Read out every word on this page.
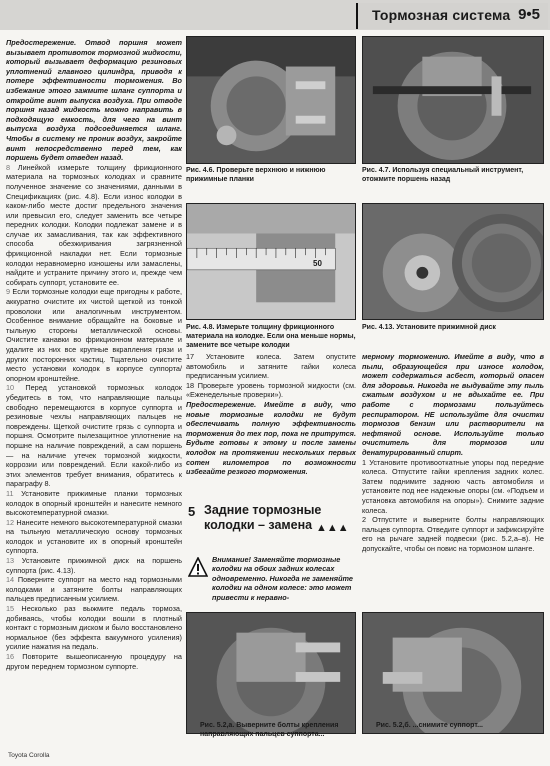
Тормозная система 9•5

Предостережение. Отвод поршня может вызывает противоток тормозной жидкости, который вызывает деформацию резиновых уплотнений главного цилиндра, приводя к потере эффективности торможения. Во избежание этого зажмите шланг суппорта и откройте винт выпуска воздуха. При отводе поршня назад жидкость можно направить в подходящую емкость, для чего на винт выпуска воздуха подсоединяется шланг. Чтобы в систему не проник воздух, закройте винт непосредственно перед тем, как поршень будет отведен назад.

8 Линейкой измерьте толщину фрикционного материала на тормозных колодках и сравните полученное значение со значениями, данными в Спецификациях (рис. 4.8). Если износ колодки в каком-либо месте достиг предельного значения или превысил его, следует заменить все четыре передних колодки. Колодки подлежат замене и в случае их замасливания, так как эффективного способа обезжиривания загрязненной фрикционной накладки нет. Если тормозные колодки неравномерно изношены или замаслены, найдите и устраните причину этого и, прежде чем собирать суппорт, установите ее.

9 Если тормозные колодки еще пригодны к работе, аккуратно очистите их чистой щеткой из тонкой проволоки или аналогичным инструментом. Особенное внимание обращайте на боковые и тыльную стороны металлической основы. Очистите канавки во фрикционном материале и удалите из них все крупные вкрапления грязи и других посторонних частиц. Тщательно очистите место установки колодок в корпусе суппорта/опорном кронштейне.

10 Перед установкой тормозных колодок убедитесь в том, что направляющие пальцы свободно перемещаются в корпусе суппорта и резиновые чехлы направляющих пальцев не повреждены. Щеткой очистите грязь с суппорта и поршня. Осмотрите пылезащитное уплотнение на поршне на наличие повреждений, а сам поршень — на наличие утечек тормозной жидкости, коррозии или повреждений. Если какой-либо из этих элементов требует внимания, обратитесь к параграфу 8.

11 Установите прижимные планки тормозных колодок в опорный кронштейн и нанесите немного высокотемпературной смазки.

12 Нанесите немного высокотемпературной смазки на тыльную металлическую основу тормозных колодок и установите их в опорный кронштейн суппорта.

13 Установите прижимной диск на поршень суппорта (рис. 4.13).

14 Поверните суппорт на место над тормозными колодками и затяните болты направляющих пальцев предписанным усилием.

15 Несколько раз выжмите педаль тормоза, добиваясь, чтобы колодки вошли в плотный контакт с тормозным диском и было восстановлено нормальное (без эффекта вакуумного усиления) усилие нажатия на педаль.

16 Повторите вышеописанную процедуру на другом переднем тормозном суппорте.

Рис. 4.6. Проверьте верхнюю и нижнюю прижимные планки
Рис. 4.7. Используя специальный инструмент, отожмите поршень назад
50
Рис. 4.8. Измерьте толщину фрикционного материала на колодке. Если она меньше нормы, замените все четыре колодки
Рис. 4.13. Установите прижимной диск

17 Установите колеса. Затем опустите автомобиль и затяните гайки колеса предписанным усилием.

18 Проверьте уровень тормозной жидкости (см. «Еженедельные проверки»).

Предостережение. Имейте в виду, что новые тормозные колодки не будут обеспечивать полную эффективность торможения до тех пор, пока не притрутся. Будьте готовы к этому и после замены колодок на протяжении нескольких первых сотен километров по возможности избегайте резкого торможения.

5 Задние тормозные колодки – замена ▲▲▲
Внимание! Заменяйте тормозные колодки на обоих задних колесах одновременно. Никогда не заменяйте колодки на одном колесе: это может привести к неравно-

мерному торможению. Имейте в виду, что в пыли, образующейся при износе колодок, может содержаться асбест, который опасен для здоровья. Никогда не выдувайте эту пыль сжатым воздухом и не вдыхайте ее. При работе с тормозами пользуйтесь респиратором. НЕ используйте для очистки тормозов бензин или растворители на нефтяной основе. Используйте только очиститель для тормозов или денатурированный спирт.

1 Установите противооткатные упоры под передние колеса. Отпустите гайки крепления задних колес. Затем поднимите заднюю часть автомобиля и установите под нее надежные опоры (см. «Подъем и установка автомобиля на опоры»). Снимите задние колеса.

2 Отпустите и выверните болты направляющих пальцев суппорта. Отведите суппорт и зафиксируйте его на рычаге задней подвески (рис. 5.2,а–в). Не допускайте, чтобы он повис на тормозном шланге.

Рис. 5.2,а. Выверните болты крепления направляющих пальцев суппорта...
Рис. 5.2,б. ...снимите суппорт...
Toyota Corolla
